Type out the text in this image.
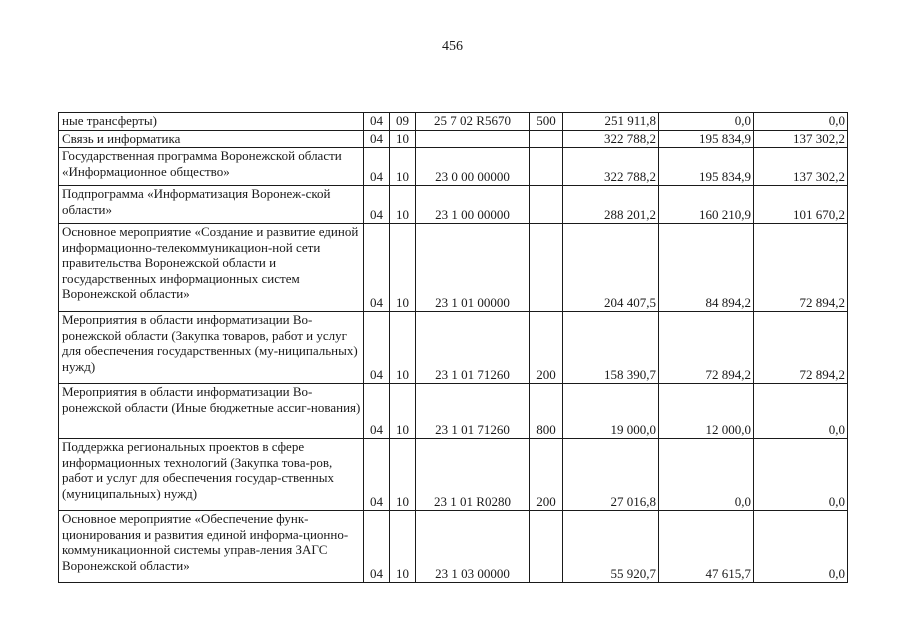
456
ные трансферты)	04	09	25 7 02 R5670	500	251 911,8	0,0	0,0
Связь и информатика	04	10			322 788,2	195 834,9	137 302,2
Государственная программа Воронежской области «Информационное общество»	04	10	23 0 00 00000		322 788,2	195 834,9	137 302,2
Подпрограмма «Информатизация Воронеж-ской области»	04	10	23 1 00 00000		288 201,2	160 210,9	101 670,2
Основное мероприятие «Создание и развитие единой информационно-телекоммуникацион-ной сети правительства Воронежской области и государственных информационных систем Воронежской области»	04	10	23 1 01 00000		204 407,5	84 894,2	72 894,2
Мероприятия в области информатизации Во-ронежской области (Закупка товаров, работ и услуг для обеспечения государственных (му-ниципальных) нужд)	04	10	23 1 01 71260	200	158 390,7	72 894,2	72 894,2
Мероприятия в области информатизации Во-ронежской области (Иные бюджетные ассиг-нования)	04	10	23 1 01 71260	800	19 000,0	12 000,0	0,0
Поддержка региональных проектов в сфере информационных технологий (Закупка това-ров, работ и услуг для обеспечения государ-ственных (муниципальных) нужд)	04	10	23 1 01 R0280	200	27 016,8	0,0	0,0
Основное мероприятие «Обеспечение функ-ционирования и развития единой информа-ционно-коммуникационной системы управ-ления ЗАГС Воронежской области»	04	10	23 1 03 00000		55 920,7	47 615,7	0,0
